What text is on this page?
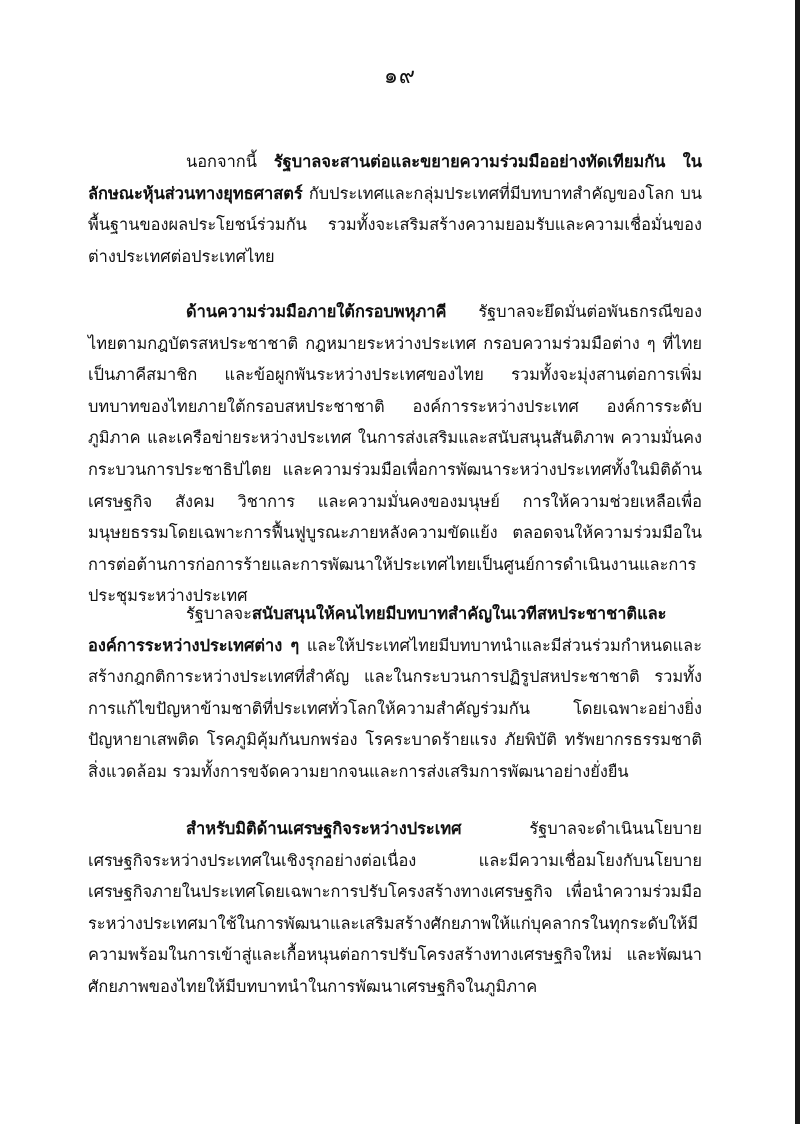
๑๙

นอกจากนี้ รัฐบาลจะสานต่อและขยายความร่วมมืออย่างทัดเทียมกัน ในลักษณะหุ้นส่วนทางยุทธศาสตร์ กับประเทศและกลุ่มประเทศที่มีบทบาทสำคัญของโลก บนพื้นฐานของผลประโยชน์ร่วมกัน รวมทั้งจะเสริมสร้างความยอมรับและความเชื่อมั่นของต่างประเทศต่อประเทศไทย

ด้านความร่วมมือภายใต้กรอบพหุภาคี รัฐบาลจะยึดมั่นต่อพันธกรณีของไทยตามกฎบัตรสหประชาชาติ กฎหมายระหว่างประเทศ กรอบความร่วมมือต่าง ๆ ที่ไทยเป็นภาคีสมาชิก และข้อผูกพันระหว่างประเทศของไทย รวมทั้งจะมุ่งสานต่อการเพิ่มบทบาทของไทยภายใต้กรอบสหประชาชาติ องค์การระหว่างประเทศ องค์การระดับภูมิภาค และเครือข่ายระหว่างประเทศ ในการส่งเสริมและสนับสนุนสันติภาพ ความมั่นคง กระบวนการประชาธิปไตย และความร่วมมือเพื่อการพัฒนาระหว่างประเทศทั้งในมิติด้านเศรษฐกิจ สังคม วิชาการ และความมั่นคงของมนุษย์ การให้ความช่วยเหลือเพื่อมนุษยธรรมโดยเฉพาะการฟื้นฟูบูรณะภายหลังความขัดแย้ง ตลอดจนให้ความร่วมมือในการต่อต้านการก่อการร้ายและการพัฒนาให้ประเทศไทยเป็นศูนย์การดำเนินงานและการประชุมระหว่างประเทศ

รัฐบาลจะสนับสนุนให้คนไทยมีบทบาทสำคัญในเวทีสหประชาชาติและองค์การระหว่างประเทศต่าง ๆ และให้ประเทศไทยมีบทบาทนำและมีส่วนร่วมกำหนดและสร้างกฎกติการะหว่างประเทศที่สำคัญ และในกระบวนการปฏิรูปสหประชาชาติ รวมทั้งการแก้ไขปัญหาข้ามชาติที่ประเทศทั่วโลกให้ความสำคัญร่วมกัน โดยเฉพาะอย่างยิ่งปัญหายาเสพติด โรคภูมิคุ้มกันบกพร่อง โรคระบาดร้ายแรง ภัยพิบัติ ทรัพยากรธรรมชาติ สิ่งแวดล้อม รวมทั้งการขจัดความยากจนและการส่งเสริมการพัฒนาอย่างยั่งยืน

สำหรับมิติด้านเศรษฐกิจระหว่างประเทศ รัฐบาลจะดำเนินนโยบายเศรษฐกิจระหว่างประเทศในเชิงรุกอย่างต่อเนื่อง และมีความเชื่อมโยงกับนโยบายเศรษฐกิจภายในประเทศโดยเฉพาะการปรับโครงสร้างทางเศรษฐกิจ เพื่อนำความร่วมมือระหว่างประเทศมาใช้ในการพัฒนาและเสริมสร้างศักยภาพให้แก่บุคลากรในทุกระดับให้มีความพร้อมในการเข้าสู่และเกื้อหนุนต่อการปรับโครงสร้างทางเศรษฐกิจใหม่ และพัฒนาศักยภาพของไทยให้มีบทบาทนำในการพัฒนาเศรษฐกิจในภูมิภาค
